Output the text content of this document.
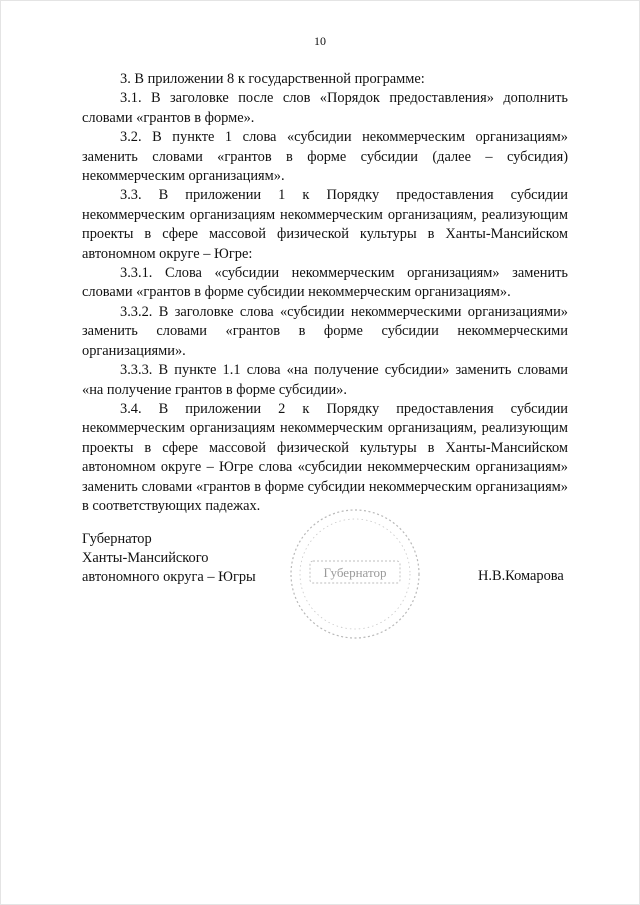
10

3. В приложении 8 к государственной программе:

3.1. В заголовке после слов «Порядок предоставления» дополнить словами «грантов в форме».

3.2. В пункте 1 слова «субсидии некоммерческим организациям» заменить словами «грантов в форме субсидии (далее – субсидия) некоммерческим организациям».

3.3. В приложении 1 к Порядку предоставления субсидии некоммерческим организациям некоммерческим организациям, реализующим проекты в сфере массовой физической культуры в Ханты-Мансийском автономном округе – Югре:

3.3.1. Слова «субсидии некоммерческим организациям» заменить словами «грантов в форме субсидии некоммерческим организациям».

3.3.2. В заголовке слова «субсидии некоммерческими организациями» заменить словами «грантов в форме субсидии некоммерческими организациями».

3.3.3. В пункте 1.1 слова «на получение субсидии» заменить словами «на получение грантов в форме субсидии».

3.4. В приложении 2 к Порядку предоставления субсидии некоммерческим организациям некоммерческим организациям, реализующим проекты в сфере массовой физической культуры в Ханты-Мансийском автономном округе – Югре слова «субсидии некоммерческим организациям» заменить словами «грантов в форме субсидии некоммерческим организациям» в соответствующих падежах.

Губернатор
Ханты-Мансийского
автономного округа – Югры	Губернатор	Н.В.Комарова
